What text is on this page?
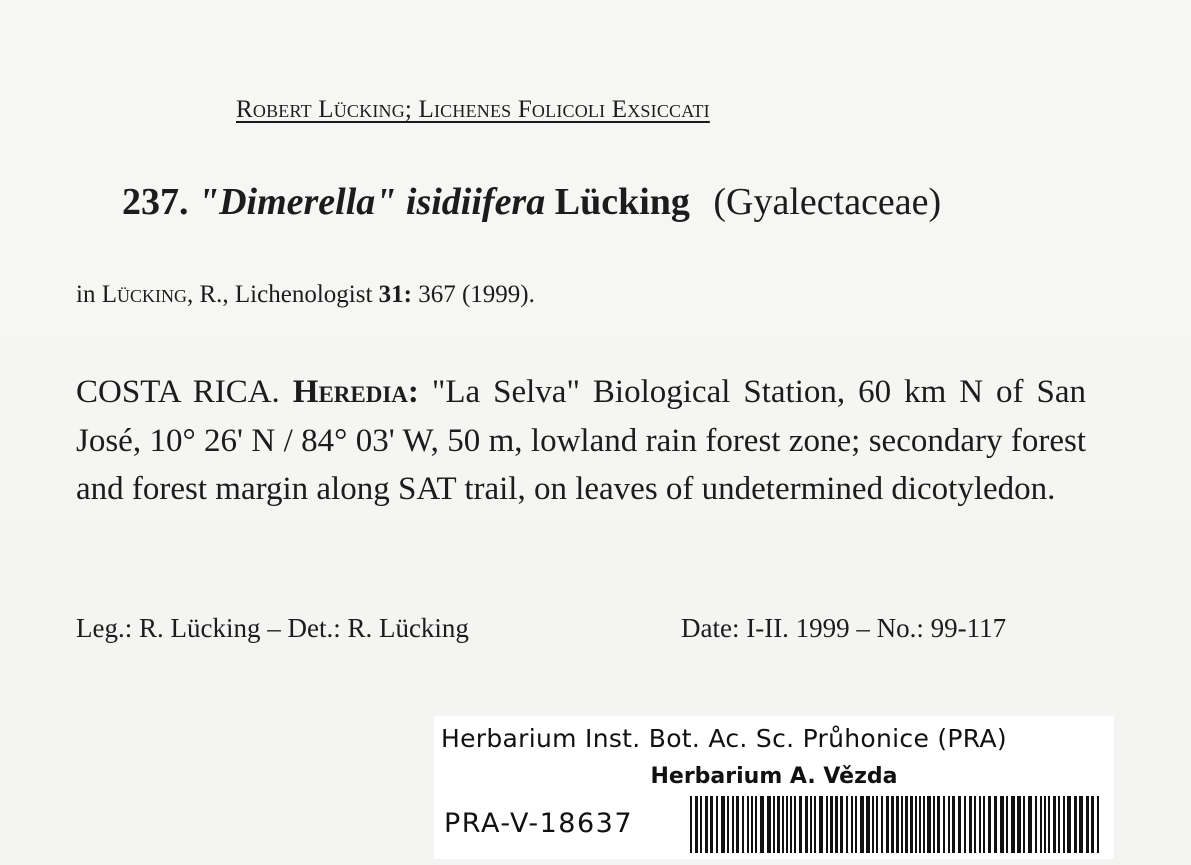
Robert Lücking; Lichenes Folicoli Exsiccati
237. "Dimerella" isidiifera Lücking (Gyalectaceae)
in Lücking, R., Lichenologist 31: 367 (1999).
COSTA RICA. Heredia: "La Selva" Biological Station, 60 km N of San José, 10° 26' N / 84° 03' W, 50 m, lowland rain forest zone; secondary forest and forest margin along SAT trail, on leaves of undetermined dicotyledon.
Leg.: R. Lücking – Det.: R. Lücking	Date: I-II. 1999 – No.: 99-117
Herbarium Inst. Bot. Ac. Sc. Průhonice (PRA)
Herbarium A. Vězda
PRA-V-18637
